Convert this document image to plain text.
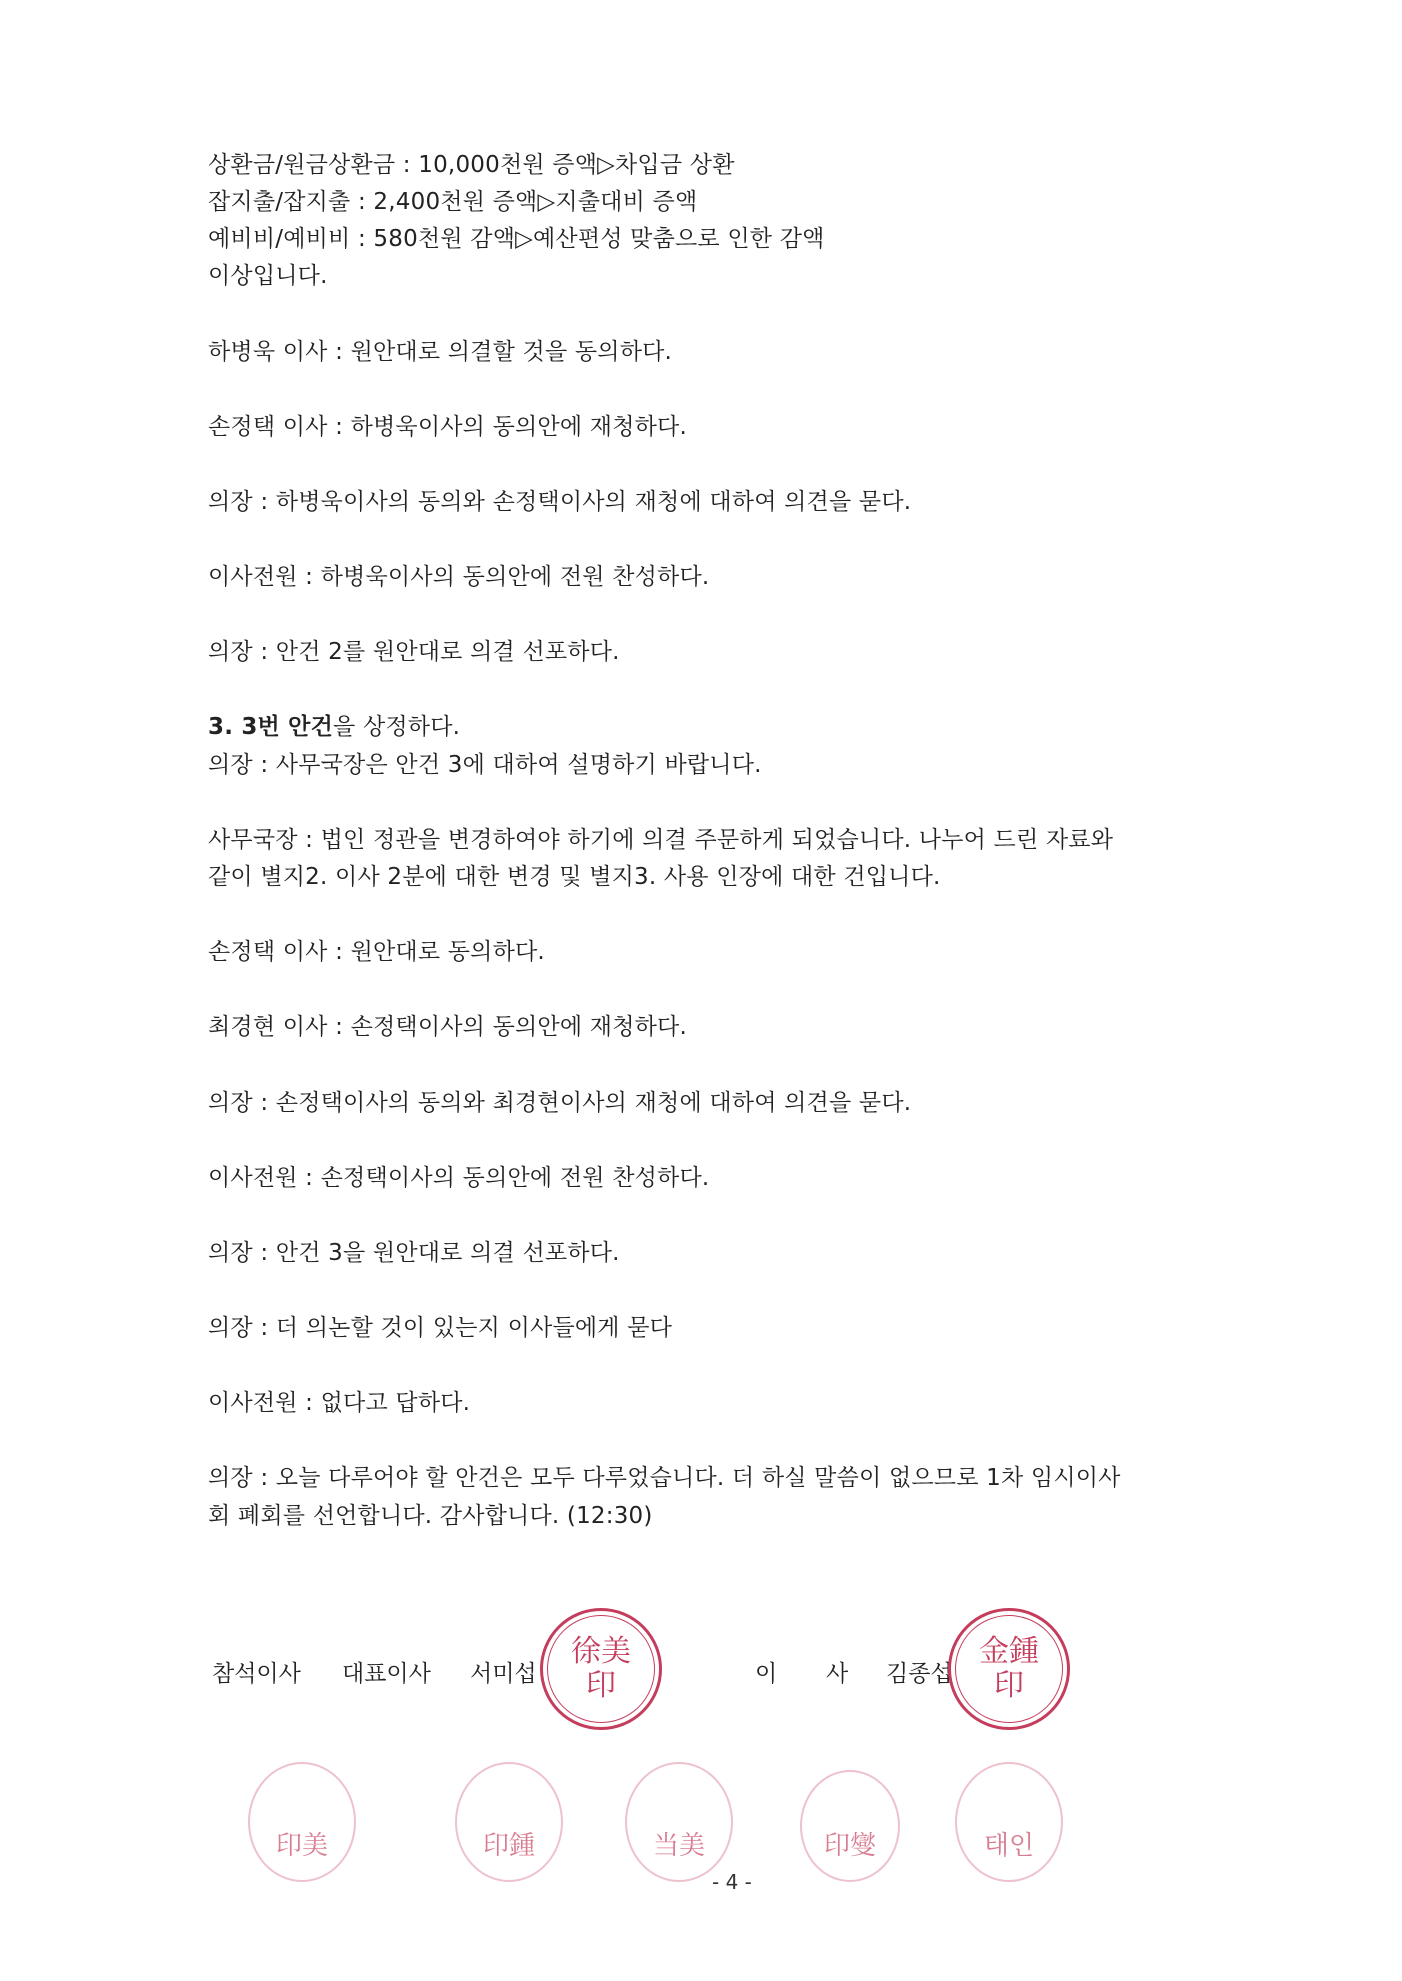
상환금/원금상환금 : 10,000천원 증액▷차입금 상환
잡지출/잡지출 : 2,400천원 증액▷지출대비 증액
예비비/예비비 : 580천원 감액▷예산편성 맞춤으로 인한 감액
이상입니다.
하병욱 이사 : 원안대로 의결할 것을 동의하다.
손정택 이사 : 하병욱이사의 동의안에 재청하다.
의장 : 하병욱이사의 동의와 손정택이사의 재청에 대하여 의견을 묻다.
이사전원 : 하병욱이사의 동의안에 전원 찬성하다.
의장 : 안건 2를 원안대로 의결 선포하다.
3. 3번 안건을 상정하다.
의장 : 사무국장은 안건 3에 대하여 설명하기 바랍니다.
사무국장 : 법인 정관을 변경하여야 하기에 의결 주문하게 되었습니다. 나누어 드린 자료와
같이 별지2. 이사 2분에 대한 변경 및 별지3. 사용 인장에 대한 건입니다.
손정택 이사 : 원안대로 동의하다.
최경현 이사 : 손정택이사의 동의안에 재청하다.
의장 : 손정택이사의 동의와 최경현이사의 재청에 대하여 의견을 묻다.
이사전원 : 손정택이사의 동의안에 전원 찬성하다.
의장 : 안건 3을 원안대로 의결 선포하다.
의장 : 더 의논할 것이 있는지 이사들에게 묻다
이사전원 : 없다고 답하다.
의장 : 오늘 다루어야 할 안건은 모두 다루었습니다. 더 하실 말씀이 없으므로 1차 임시이사
회 폐회를 선언합니다. 감사합니다. (12:30)
참석이사 대표이사 서미섭	이 사 김종섭
徐美
印
金鍾
印
印美	印鍾	当美	印燮	태인
- 4 -
